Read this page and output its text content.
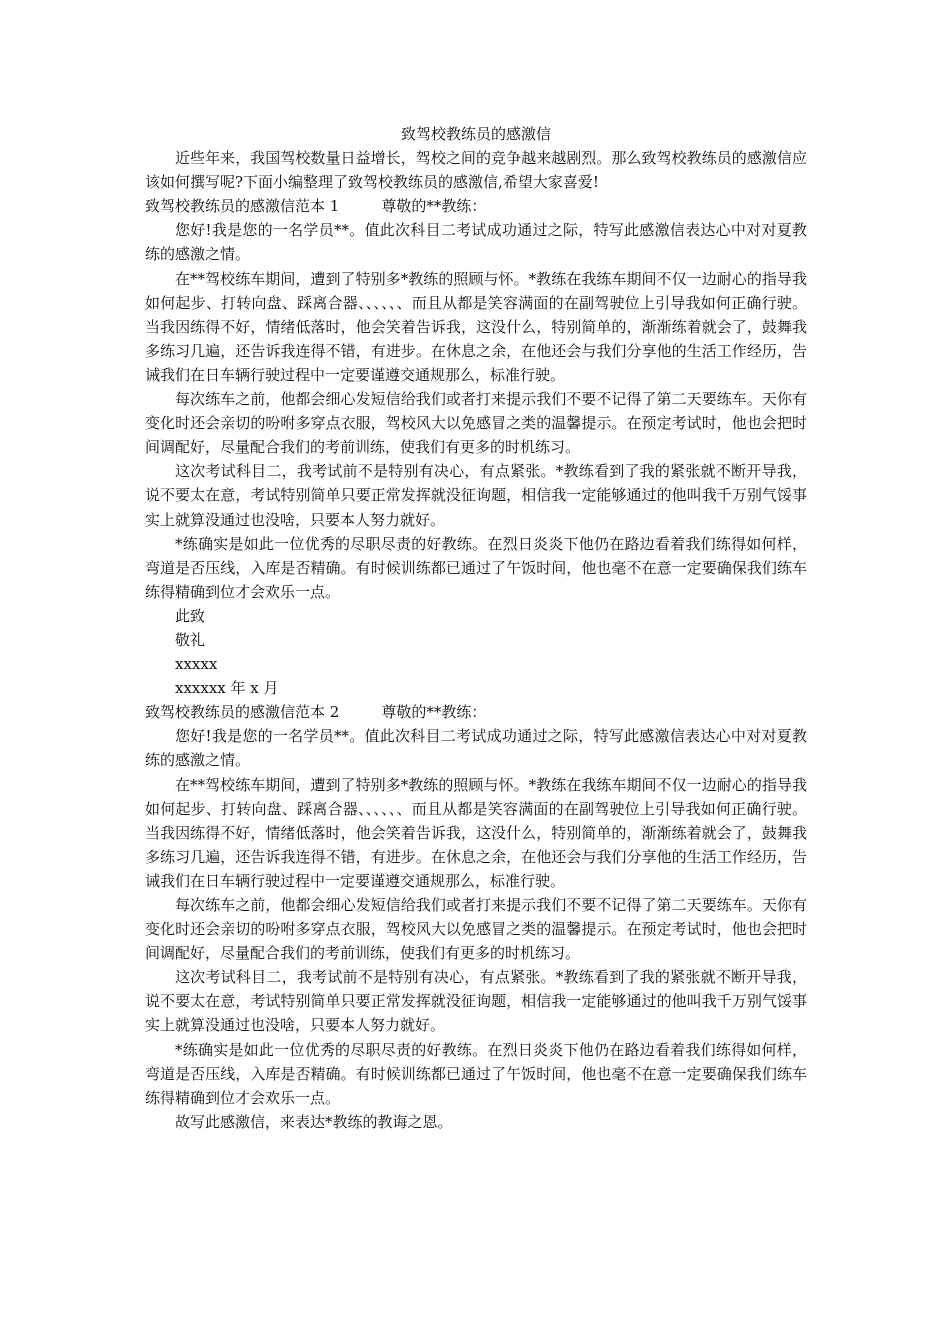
致驾校教练员的感激信

近些年来，我国驾校数量日益增长，驾校之间的竞争越来越剧烈。那么致驾校教练员的感激信应该如何撰写呢?下面小编整理了致驾校教练员的感激信,希望大家喜爱!

致驾校教练员的感激信范本 1	尊敬的**教练：

您好!我是您的一名学员**。值此次科目二考试成功通过之际，特写此感激信表达心中对对夏教练的感激之情。

在**驾校练车期间，遭到了特别多*教练的照顾与怀。*教练在我练车期间不仅一边耐心的指导我如何起步、打转向盘、踩离合器、、、、、、而且从都是笑容满面的在副驾驶位上引导我如何正确行驶。当我因练得不好，情绪低落时，他会笑着告诉我，这没什么，特别简单的，渐渐练着就会了，鼓舞我多练习几遍，还告诉我连得不错，有进步。在休息之余，在他还会与我们分享他的生活工作经历，告诫我们在日车辆行驶过程中一定要谨遵交通规那么，标准行驶。

每次练车之前，他都会细心发短信给我们或者打来提示我们不要不记得了第二天要练车。天你有变化时还会亲切的吩咐多穿点衣服，驾校风大以免感冒之类的温馨提示。在预定考试时，他也会把时间调配好，尽量配合我们的考前训练，使我们有更多的时机练习。

这次考试科目二，我考试前不是特别有决心，有点紧张。*教练看到了我的紧张就不断开导我，说不要太在意，考试特别简单只要正常发挥就没征询题，相信我一定能够通过的他叫我千万别气馁事实上就算没通过也没啥，只要本人努力就好。

*练确实是如此一位优秀的尽职尽责的好教练。在烈日炎炎下他仍在路边看着我们练得如何样，弯道是否压线，入库是否精确。有时候训练都已通过了午饭时间，他也毫不在意一定要确保我们练车练得精确到位才会欢乐一点。

此致

敬礼

xxxxx

xxxxxx 年 x 月

致驾校教练员的感激信范本 2	尊敬的**教练：

您好!我是您的一名学员**。值此次科目二考试成功通过之际，特写此感激信表达心中对对夏教练的感激之情。

在**驾校练车期间，遭到了特别多*教练的照顾与怀。*教练在我练车期间不仅一边耐心的指导我如何起步、打转向盘、踩离合器、、、、、、而且从都是笑容满面的在副驾驶位上引导我如何正确行驶。当我因练得不好，情绪低落时，他会笑着告诉我，这没什么，特别简单的，渐渐练着就会了，鼓舞我多练习几遍，还告诉我连得不错，有进步。在休息之余，在他还会与我们分享他的生活工作经历，告诫我们在日车辆行驶过程中一定要谨遵交通规那么，标准行驶。

每次练车之前，他都会细心发短信给我们或者打来提示我们不要不记得了第二天要练车。天你有变化时还会亲切的吩咐多穿点衣服，驾校风大以免感冒之类的温馨提示。在预定考试时，他也会把时间调配好，尽量配合我们的考前训练，使我们有更多的时机练习。

这次考试科目二，我考试前不是特别有决心，有点紧张。*教练看到了我的紧张就不断开导我，说不要太在意，考试特别简单只要正常发挥就没征询题，相信我一定能够通过的他叫我千万别气馁事实上就算没通过也没啥，只要本人努力就好。

*练确实是如此一位优秀的尽职尽责的好教练。在烈日炎炎下他仍在路边看着我们练得如何样，弯道是否压线，入库是否精确。有时候训练都已通过了午饭时间，他也毫不在意一定要确保我们练车练得精确到位才会欢乐一点。

故写此感激信，来表达*教练的教诲之恩。
